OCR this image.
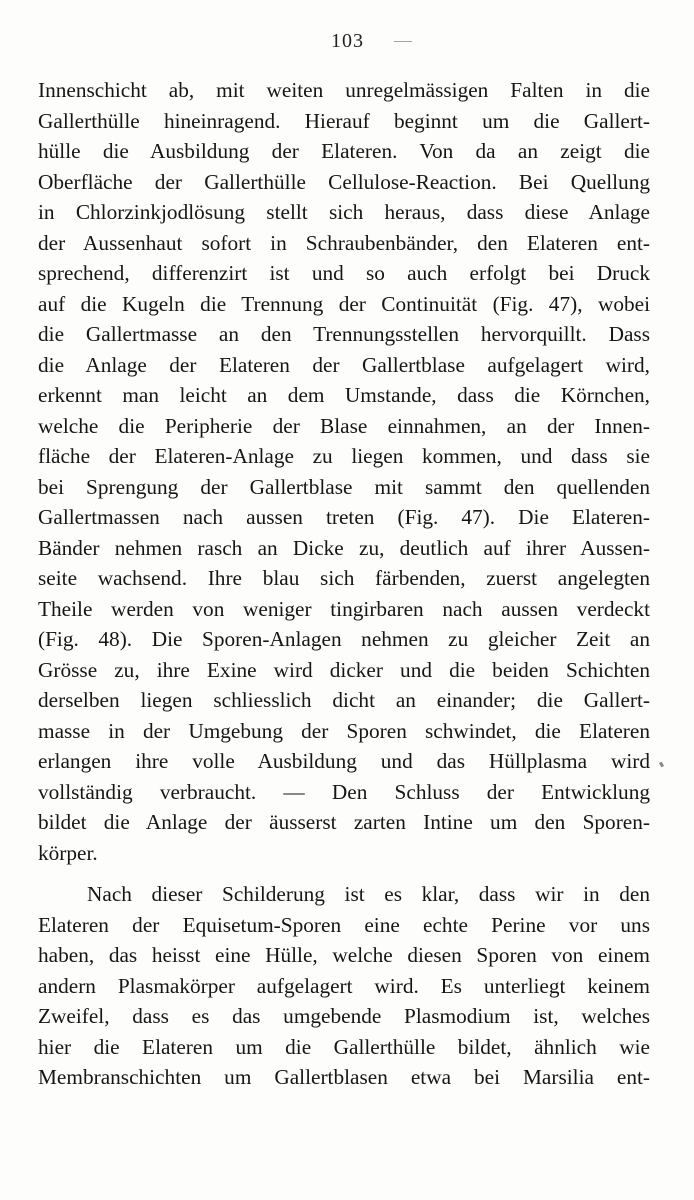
103 —
Innenschicht ab, mit weiten unregelmässigen Falten in die
Gallerthülle hineinragend. Hierauf beginnt um die Gallert-
hülle die Ausbildung der Elateren. Von da an zeigt die
Oberfläche der Gallerthülle Cellulose-Reaction. Bei Quellung
in Chlorzinkjodlösung stellt sich heraus, dass diese Anlage
der Aussenhaut sofort in Schraubenbänder, den Elateren ent-
sprechend, differenzirt ist und so auch erfolgt bei Druck
auf die Kugeln die Trennung der Continuität (Fig. 47), wobei
die Gallertmasse an den Trennungsstellen hervorquillt. Dass
die Anlage der Elateren der Gallertblase aufgelagert wird,
erkennt man leicht an dem Umstande, dass die Körnchen,
welche die Peripherie der Blase einnahmen, an der Innen-
fläche der Elateren-Anlage zu liegen kommen, und dass sie
bei Sprengung der Gallertblase mit sammt den quellenden
Gallertmassen nach aussen treten (Fig. 47). Die Elateren-
Bänder nehmen rasch an Dicke zu, deutlich auf ihrer Aussen-
seite wachsend. Ihre blau sich färbenden, zuerst angelegten
Theile werden von weniger tingirbaren nach aussen verdeckt
(Fig. 48). Die Sporen-Anlagen nehmen zu gleicher Zeit an
Grösse zu, ihre Exine wird dicker und die beiden Schichten
derselben liegen schliesslich dicht an einander; die Gallert-
masse in der Umgebung der Sporen schwindet, die Elateren
erlangen ihre volle Ausbildung und das Hüllplasma wird
vollständig verbraucht. — Den Schluss der Entwicklung
bildet die Anlage der äusserst zarten Intine um den Sporen-
körper.
Nach dieser Schilderung ist es klar, dass wir in den
Elateren der Equisetum-Sporen eine echte Perine vor uns
haben, das heisst eine Hülle, welche diesen Sporen von einem
andern Plasmakörper aufgelagert wird. Es unterliegt keinem
Zweifel, dass es das umgebende Plasmodium ist, welches
hier die Elateren um die Gallerthülle bildet, ähnlich wie
Membranschichten um Gallertblasen etwa bei Marsilia ent-
